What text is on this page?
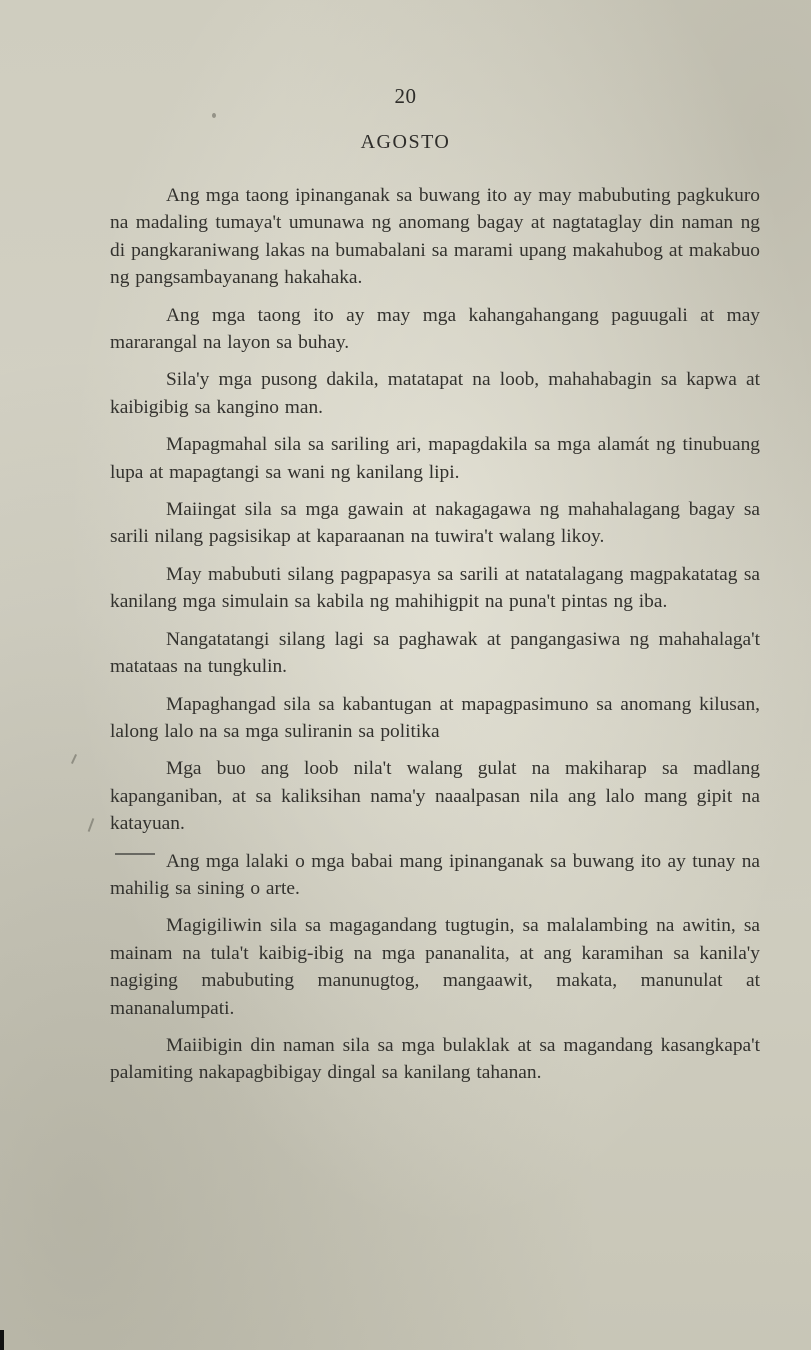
20
AGOSTO

Ang mga taong ipinanganak sa buwang ito ay may mabubuting pagkukuro na madaling tumaya't umunawa ng anomang bagay at nagtataglay din naman ng di pangkaraniwang lakas na bumabalani sa marami upang makahubog at makabuo ng pangsambayanang hakahaka.

Ang mga taong ito ay may mga kahangahangang paguugali at may mararangal na layon sa buhay.

Sila'y mga pusong dakila, matatapat na loob, mahahabagin sa kapwa at kaibigibig sa kangino man.

Mapagmahal sila sa sariling ari, mapagdakila sa mga alamát ng tinubuang lupa at mapagtangi sa wani ng kanilang lipi.

Maiingat sila sa mga gawain at nakagagawa ng mahahalagang bagay sa sarili nilang pagsisikap at kaparaanan na tuwira't walang likoy.

May mabubuti silang pagpapasya sa sarili at natatalagang magpakatatag sa kanilang mga simulain sa kabila ng mahihigpit na puna't pintas ng iba.

Nangatatangi silang lagi sa paghawak at pangangasiwa ng mahahalaga't matataas na tungkulin.

Mapaghangad sila sa kabantugan at mapagpasimuno sa anomang kilusan, lalong lalo na sa mga suliranin sa politika

Mga buo ang loob nila't walang gulat na makiharap sa madlang kapanganiban, at sa kaliksihan nama'y naaalpasan nila ang lalo mang gipit na katayuan.

Ang mga lalaki o mga babai mang ipinanganak sa buwang ito ay tunay na mahilig sa sining o arte.

Magigiliwin sila sa magagandang tugtugin, sa malalambing na awitin, sa mainam na tula't kaibig-ibig na mga pananalita, at ang karamihan sa kanila'y nagiging mabubuting manunugtog, mangaawit, makata, manunulat at mananalumpati.

Maiibigin din naman sila sa mga bulaklak at sa magandang kasangkapa't palamiting nakapagbibigay dingal sa kanilang tahanan.
